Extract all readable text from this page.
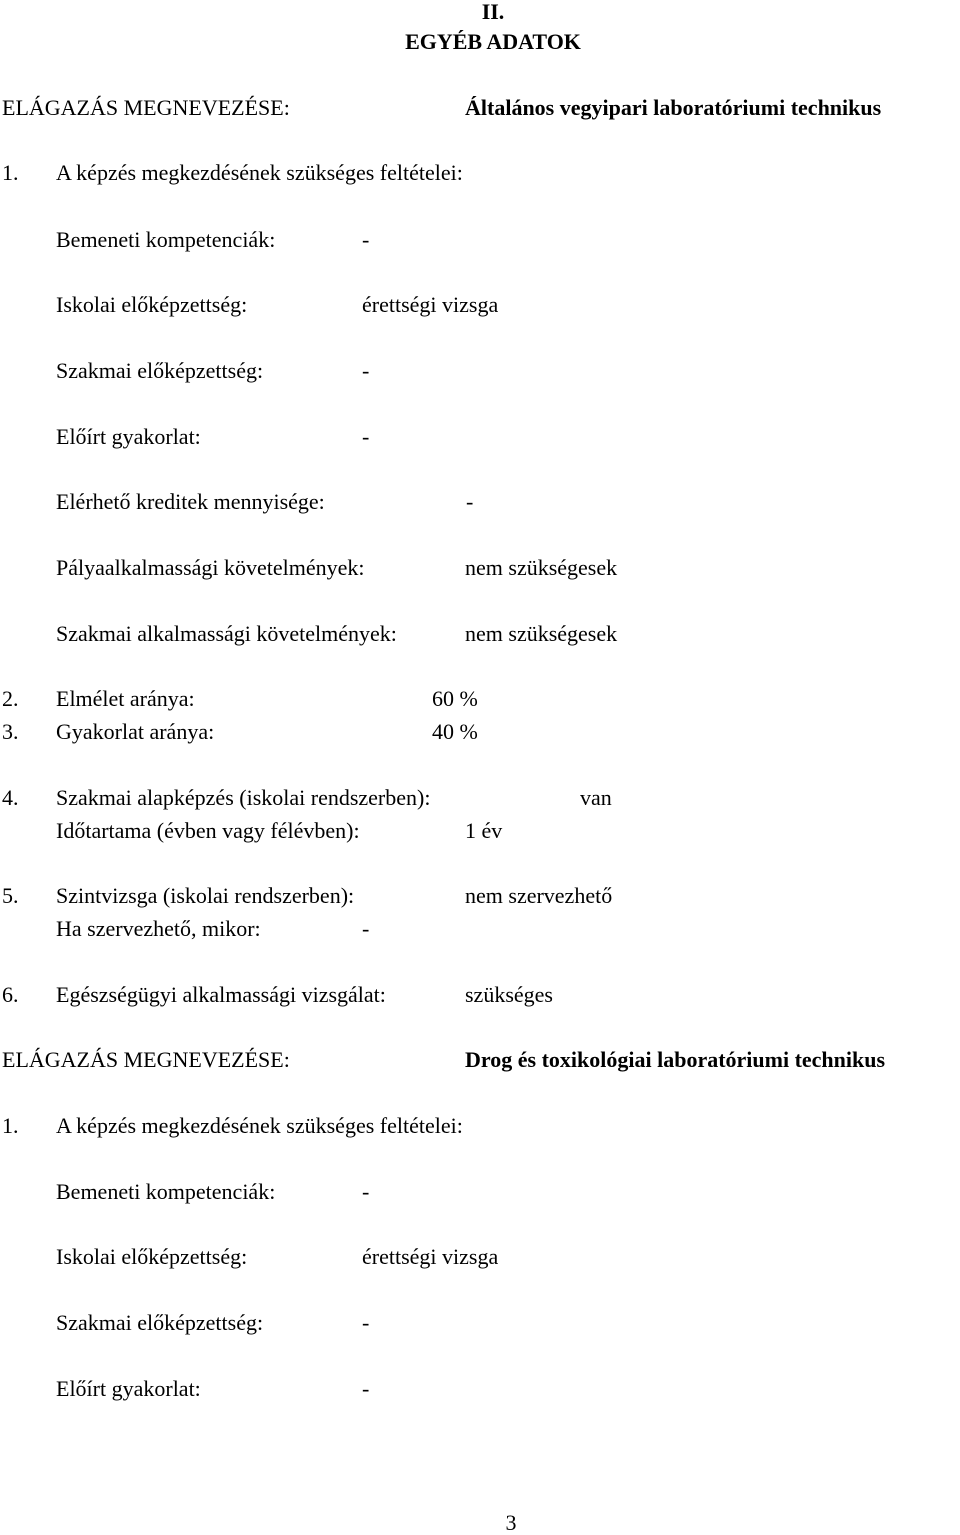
II.
EGYÉB ADATOK
ELÁGAZÁS MEGNEVEZÉSE:	Általános vegyipari laboratóriumi technikus
1. A képzés megkezdésének szükséges feltételei:
Bemeneti kompetenciák:	-
Iskolai előképzettség:	érettségi vizsga
Szakmai előképzettség:	-
Előírt gyakorlat:	-
Elérhető kreditek mennyisége:	-
Pályaalkalmassági követelmények:	nem szükségesek
Szakmai alkalmassági követelmények:	nem szükségesek
2. Elmélet aránya:	60 %
3. Gyakorlat aránya:	40 %
4. Szakmai alapképzés (iskolai rendszerben):	van
Időtartama (évben vagy félévben):	1 év
5. Szintvizsga (iskolai rendszerben):	nem szervezhető
Ha szervezhető, mikor:	-
6. Egészségügyi alkalmassági vizsgálat:	szükséges
ELÁGAZÁS MEGNEVEZÉSE:	Drog és toxikológiai laboratóriumi technikus
1. A képzés megkezdésének szükséges feltételei:
Bemeneti kompetenciák:	-
Iskolai előképzettség:	érettségi vizsga
Szakmai előképzettség:	-
Előírt gyakorlat:	-
3
